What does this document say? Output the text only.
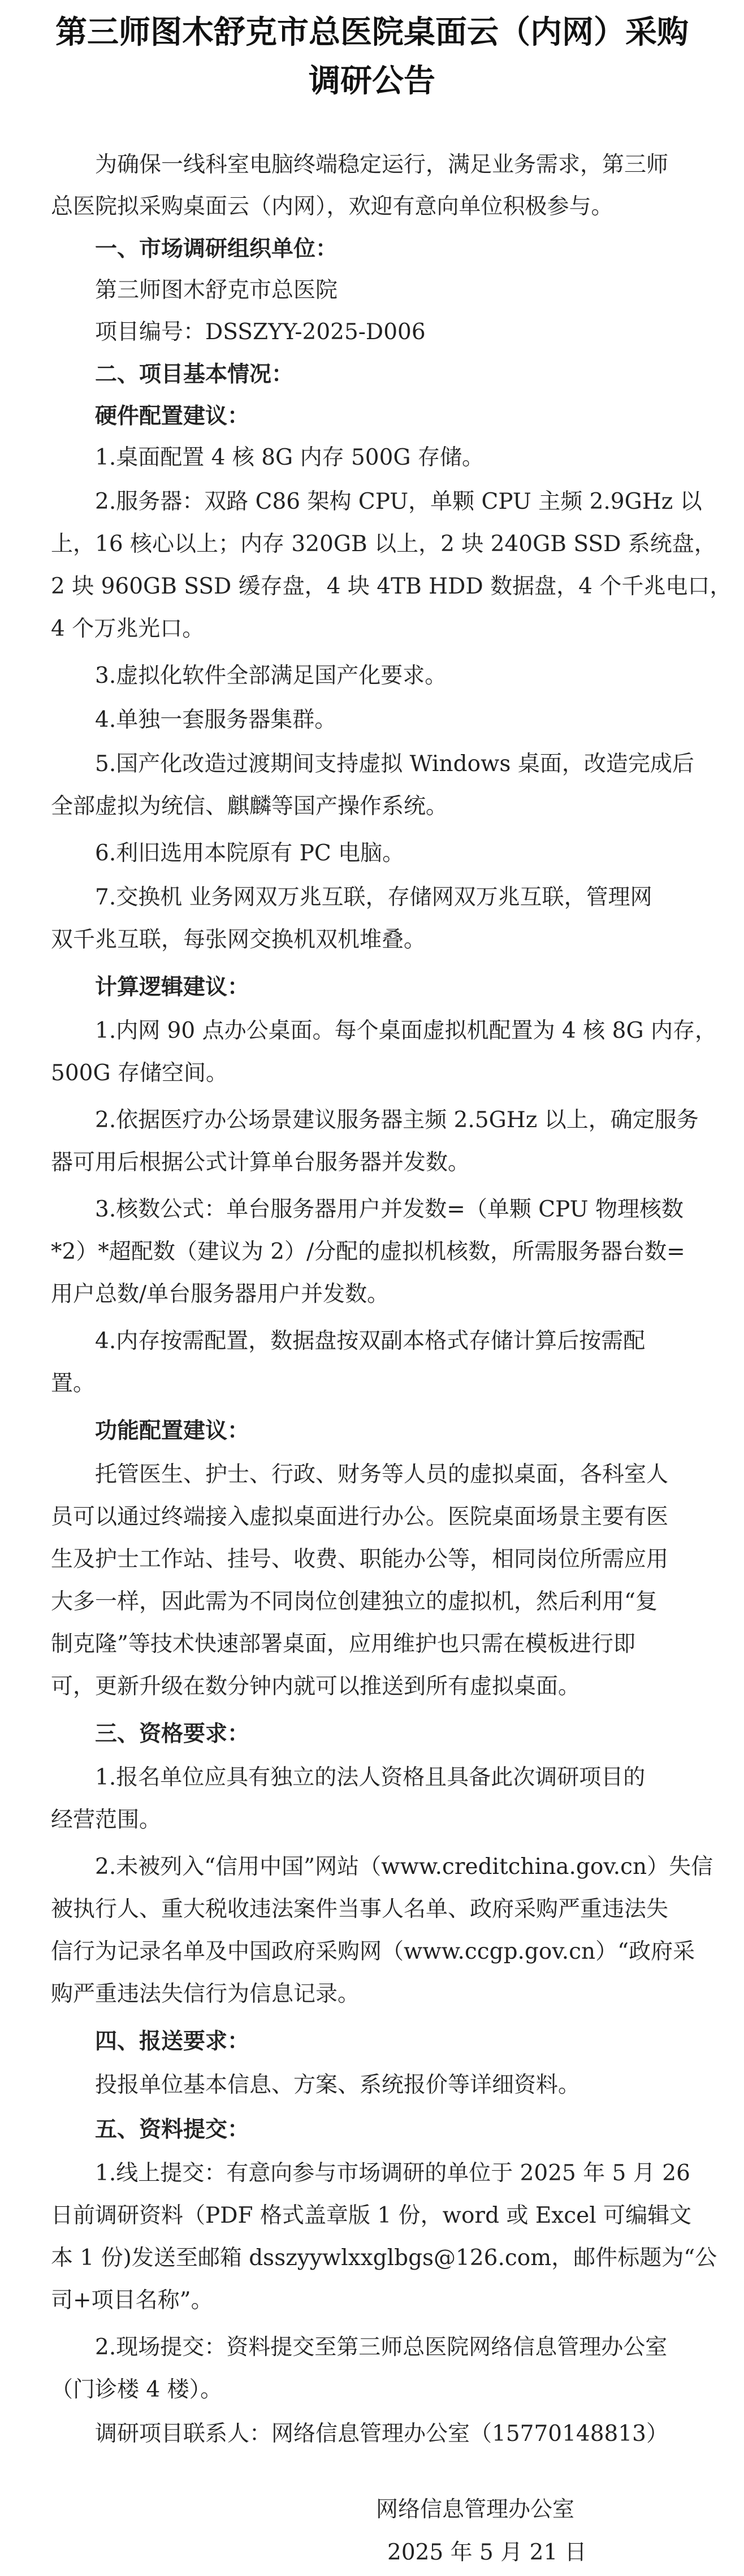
第三师图木舒克市总医院桌面云（内网）采购
调研公告
为确保一线科室电脑终端稳定运行，满足业务需求，第三师
总医院拟采购桌面云（内网），欢迎有意向单位积极参与。
一、市场调研组织单位：
第三师图木舒克市总医院
项目编号：DSSZYY-2025-D006
二、项目基本情况：
硬件配置建议：
1.桌面配置 4 核 8G 内存 500G 存储。
2.服务器：双路 C86 架构 CPU，单颗 CPU 主频 2.9GHz 以
上，16 核心以上；内存 320GB 以上，2 块 240GB SSD 系统盘，
2 块 960GB SSD 缓存盘，4 块 4TB HDD 数据盘，4 个千兆电口，
4 个万兆光口。
3.虚拟化软件全部满足国产化要求。
4.单独一套服务器集群。
5.国产化改造过渡期间支持虚拟 Windows 桌面，改造完成后
全部虚拟为统信、麒麟等国产操作系统。
6.利旧选用本院原有 PC 电脑。
7.交换机 业务网双万兆互联，存储网双万兆互联，管理网
双千兆互联，每张网交换机双机堆叠。
计算逻辑建议：
1.内网 90 点办公桌面。每个桌面虚拟机配置为 4 核 8G 内存，
500G 存储空间。
2.依据医疗办公场景建议服务器主频 2.5GHz 以上，确定服务
器可用后根据公式计算单台服务器并发数。
3.核数公式：单台服务器用户并发数=（单颗 CPU 物理核数
*2）*超配数（建议为 2）/分配的虚拟机核数，所需服务器台数=
用户总数/单台服务器用户并发数。
4.内存按需配置，数据盘按双副本格式存储计算后按需配
置。
功能配置建议：
托管医生、护士、行政、财务等人员的虚拟桌面，各科室人
员可以通过终端接入虚拟桌面进行办公。医院桌面场景主要有医
生及护士工作站、挂号、收费、职能办公等，相同岗位所需应用
大多一样，因此需为不同岗位创建独立的虚拟机，然后利用“复
制克隆”等技术快速部署桌面，应用维护也只需在模板进行即
可，更新升级在数分钟内就可以推送到所有虚拟桌面。
三、资格要求：
1.报名单位应具有独立的法人资格且具备此次调研项目的
经营范围。
2.未被列入“信用中国”网站（www.creditchina.gov.cn）失信
被执行人、重大税收违法案件当事人名单、政府采购严重违法失
信行为记录名单及中国政府采购网（www.ccgp.gov.cn）“政府采
购严重违法失信行为信息记录。
四、报送要求：
投报单位基本信息、方案、系统报价等详细资料。
五、资料提交：
1.线上提交：有意向参与市场调研的单位于 2025 年 5 月 26
日前调研资料（PDF 格式盖章版 1 份，word 或 Excel 可编辑文
本 1 份)发送至邮箱 dsszyywlxxglbgs@126.com，邮件标题为“公
司+项目名称”。
2.现场提交：资料提交至第三师总医院网络信息管理办公室
（门诊楼 4 楼）。
调研项目联系人：网络信息管理办公室（15770148813）
网络信息管理办公室
2025 年 5 月 21 日
